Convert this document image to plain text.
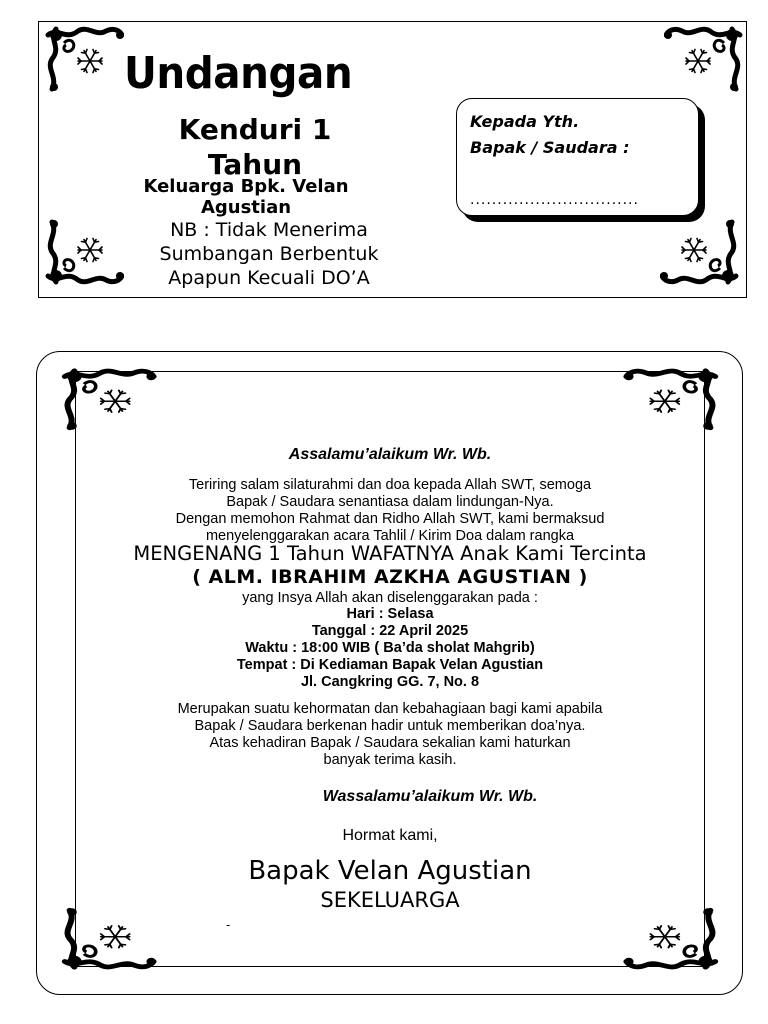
Undangan
Kenduri 1 Tahun
Keluarga Bpk. Velan Agustian
NB : Tidak Menerima Sumbangan Berbentuk Apapun Kecuali DO’A
Kepada Yth.
Bapak / Saudara :
...............................
Assalamu’alaikum Wr. Wb.
Teriring salam silaturahmi dan doa kepada Allah SWT, semoga
Bapak / Saudara senantiasa dalam lindungan-Nya.
Dengan memohon Rahmat dan Ridho Allah SWT, kami bermaksud
menyelenggarakan acara Tahlil / Kirim Doa dalam rangka
MENGENANG 1 Tahun WAFATNYA Anak Kami Tercinta
( ALM. IBRAHIM AZKHA AGUSTIAN )
yang Insya Allah akan diselenggarakan pada :
Hari : Selasa
Tanggal : 22 April 2025
Waktu : 18:00 WIB ( Ba’da sholat Mahgrib)
Tempat : Di Kediaman Bapak Velan Agustian
Jl. Cangkring GG. 7, No. 8
Merupakan suatu kehormatan dan kebahagiaan bagi kami apabila
Bapak / Saudara berkenan hadir untuk memberikan doa’nya.
Atas kehadiran Bapak / Saudara sekalian kami haturkan
banyak terima kasih.
Wassalamu’alaikum Wr. Wb.
Hormat kami,
Bapak Velan Agustian
SEKELUARGA
-
